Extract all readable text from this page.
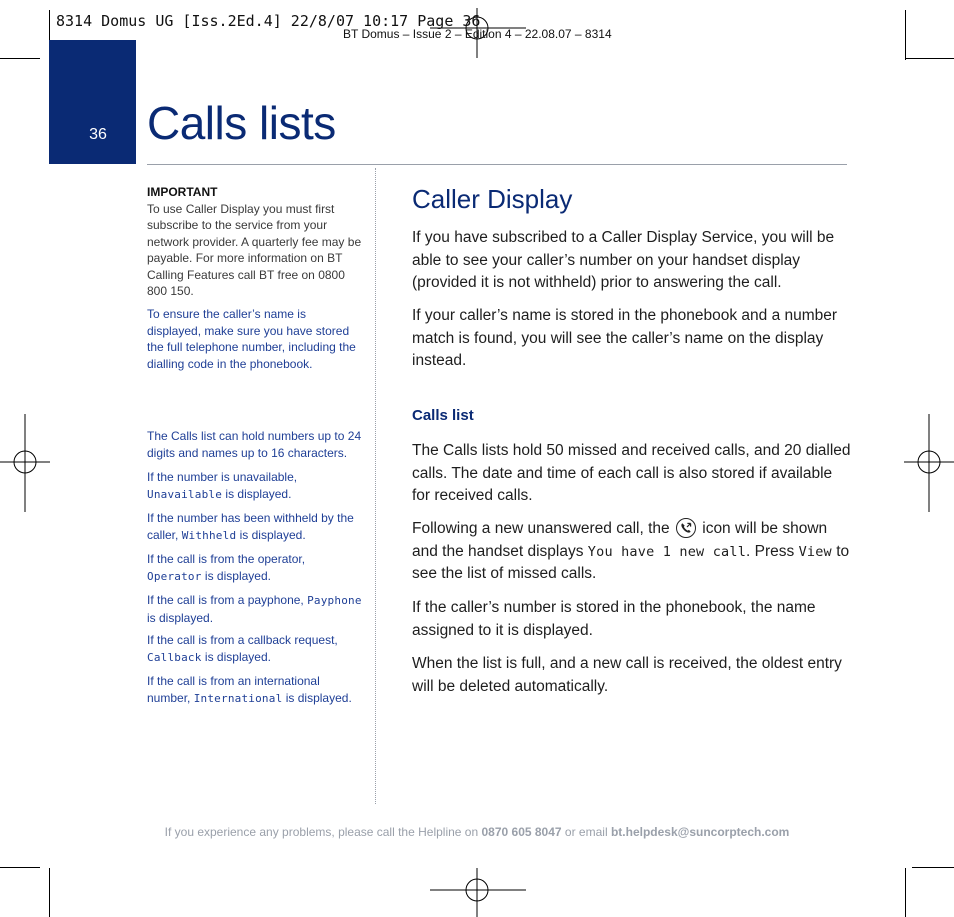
8314 Domus UG [Iss.2Ed.4] 22/8/07 10:17 Page 36
BT Domus – Issue 2 – Edition 4 – 22.08.07 – 8314
36 Calls lists
IMPORTANT
To use Caller Display you must first subscribe to the service from your network provider. A quarterly fee may be payable. For more information on BT Calling Features call BT free on 0800 800 150.
To ensure the caller’s name is displayed, make sure you have stored the full telephone number, including the dialling code in the phonebook.
The Calls list can hold numbers up to 24 digits and names up to 16 characters.
If the number is unavailable, Unavailable is displayed.
If the number has been withheld by the caller, Withheld is displayed.
If the call is from the operator, Operator is displayed.
If the call is from a payphone, Payphone is displayed.
If the call is from a callback request, Callback is displayed.
If the call is from an international number, International is displayed.
Caller Display

If you have subscribed to a Caller Display Service, you will be able to see your caller’s number on your handset display (provided it is not withheld) prior to answering the call.

If your caller’s name is stored in the phonebook and a number match is found, you will see the caller’s name on the display instead.

Calls list

The Calls lists hold 50 missed and received calls, and 20 dialled calls. The date and time of each call is also stored if available for received calls.

Following a new unanswered call, the
icon will be shown and the handset displays You have 1 new call. Press View to see the list of missed calls.

If the caller’s number is stored in the phonebook, the name assigned to it is displayed.

When the list is full, and a new call is received, the oldest entry will be deleted automatically.

If you experience any problems, please call the Helpline on 0870 605 8047 or email bt.helpdesk@suncorptech.com
